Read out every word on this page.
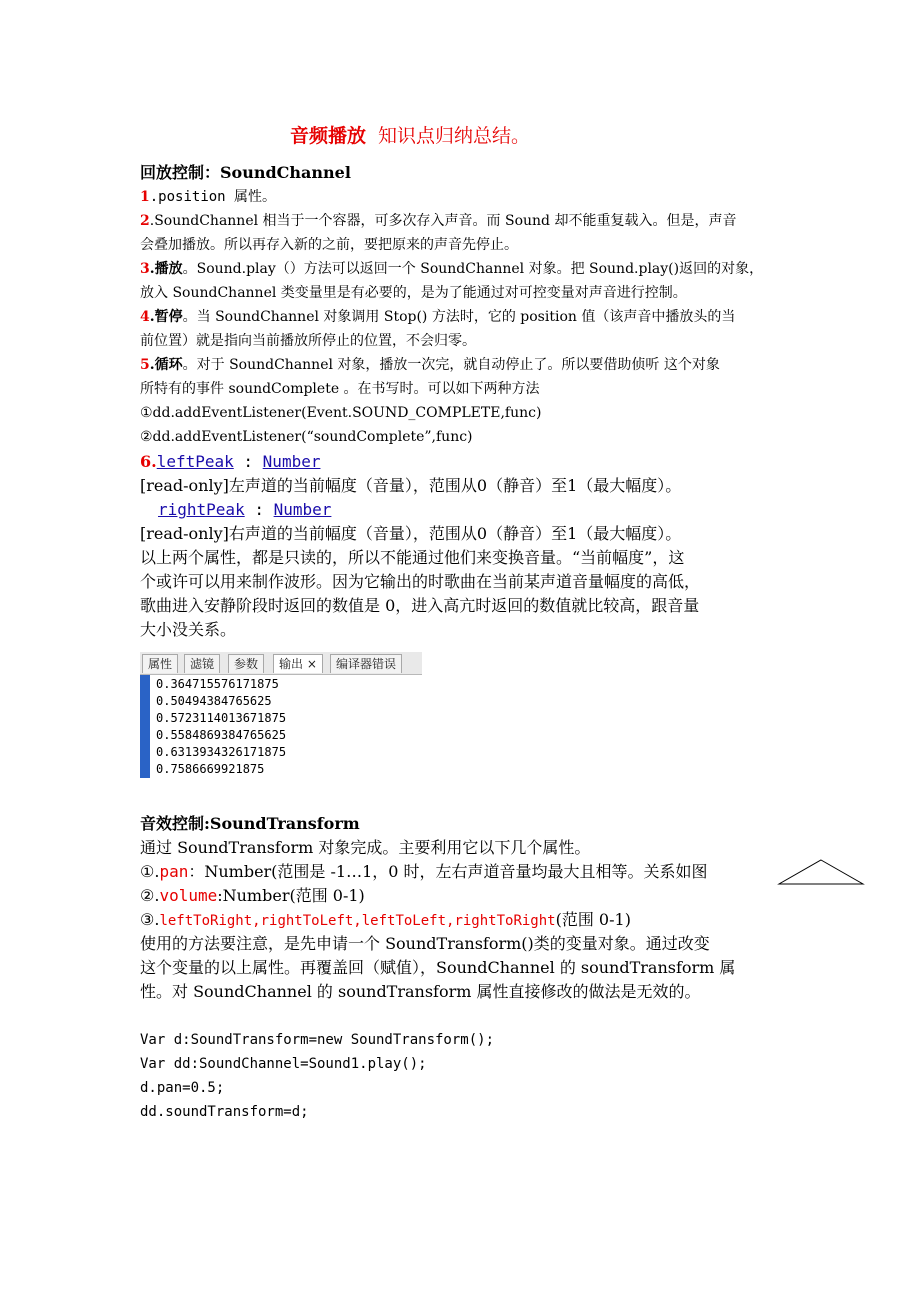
音频播放 知识点归纳总结。
回放控制：SoundChannel
1.position 属性。
2.SoundChannel 相当于一个容器，可多次存入声音。而 Sound 却不能重复载入。但是，声音
会叠加播放。所以再存入新的之前，要把原来的声音先停止。
3.播放。Sound.play（）方法可以返回一个 SoundChannel 对象。把 Sound.play()返回的对象，
放入 SoundChannel 类变量里是有必要的，是为了能通过对可控变量对声音进行控制。
4.暂停。当 SoundChannel 对象调用 Stop() 方法时，它的 position 值（该声音中播放头的当
前位置）就是指向当前播放所停止的位置，不会归零。
5.循环。对于 SoundChannel 对象，播放一次完，就自动停止了。所以要借助侦听 这个对象
所特有的事件 soundComplete 。在书写时。可以如下两种方法
①dd.addEventListener(Event.SOUND_COMPLETE,func)
②dd.addEventListener(“soundComplete”,func)
6.leftPeak : Number
[read-only]左声道的当前幅度（音量），范围从0（静音）至1（最大幅度）。
rightPeak : Number
[read-only]右声道的当前幅度（音量），范围从0（静音）至1（最大幅度）。
以上两个属性，都是只读的，所以不能通过他们来变换音量。“当前幅度”，这
个或许可以用来制作波形。因为它输出的时歌曲在当前某声道音量幅度的高低，
歌曲进入安静阶段时返回的数值是 0，进入高亢时返回的数值就比较高，跟音量
大小没关系。
属性	滤镜	参数	输出 ×	编译器错误
0.364715576171875
0.50494384765625
0.5723114013671875
0.5584869384765625
0.6313934326171875
0.7586669921875
音效控制:SoundTransform
通过 SoundTransform 对象完成。主要利用它以下几个属性。
①.pan：Number(范围是 -1…1，0 时，左右声道音量均最大且相等。关系如图
②.volume:Number(范围 0-1)
③.leftToRight,rightToLeft,leftToLeft,rightToRight(范围 0-1)
使用的方法要注意，是先申请一个 SoundTransform()类的变量对象。通过改变
这个变量的以上属性。再覆盖回（赋值），SoundChannel 的 soundTransform 属
性。对 SoundChannel 的 soundTransform 属性直接修改的做法是无效的。
Var d:SoundTransform=new SoundTransform();
Var dd:SoundChannel=Sound1.play();
d.pan=0.5;
dd.soundTransform=d;
